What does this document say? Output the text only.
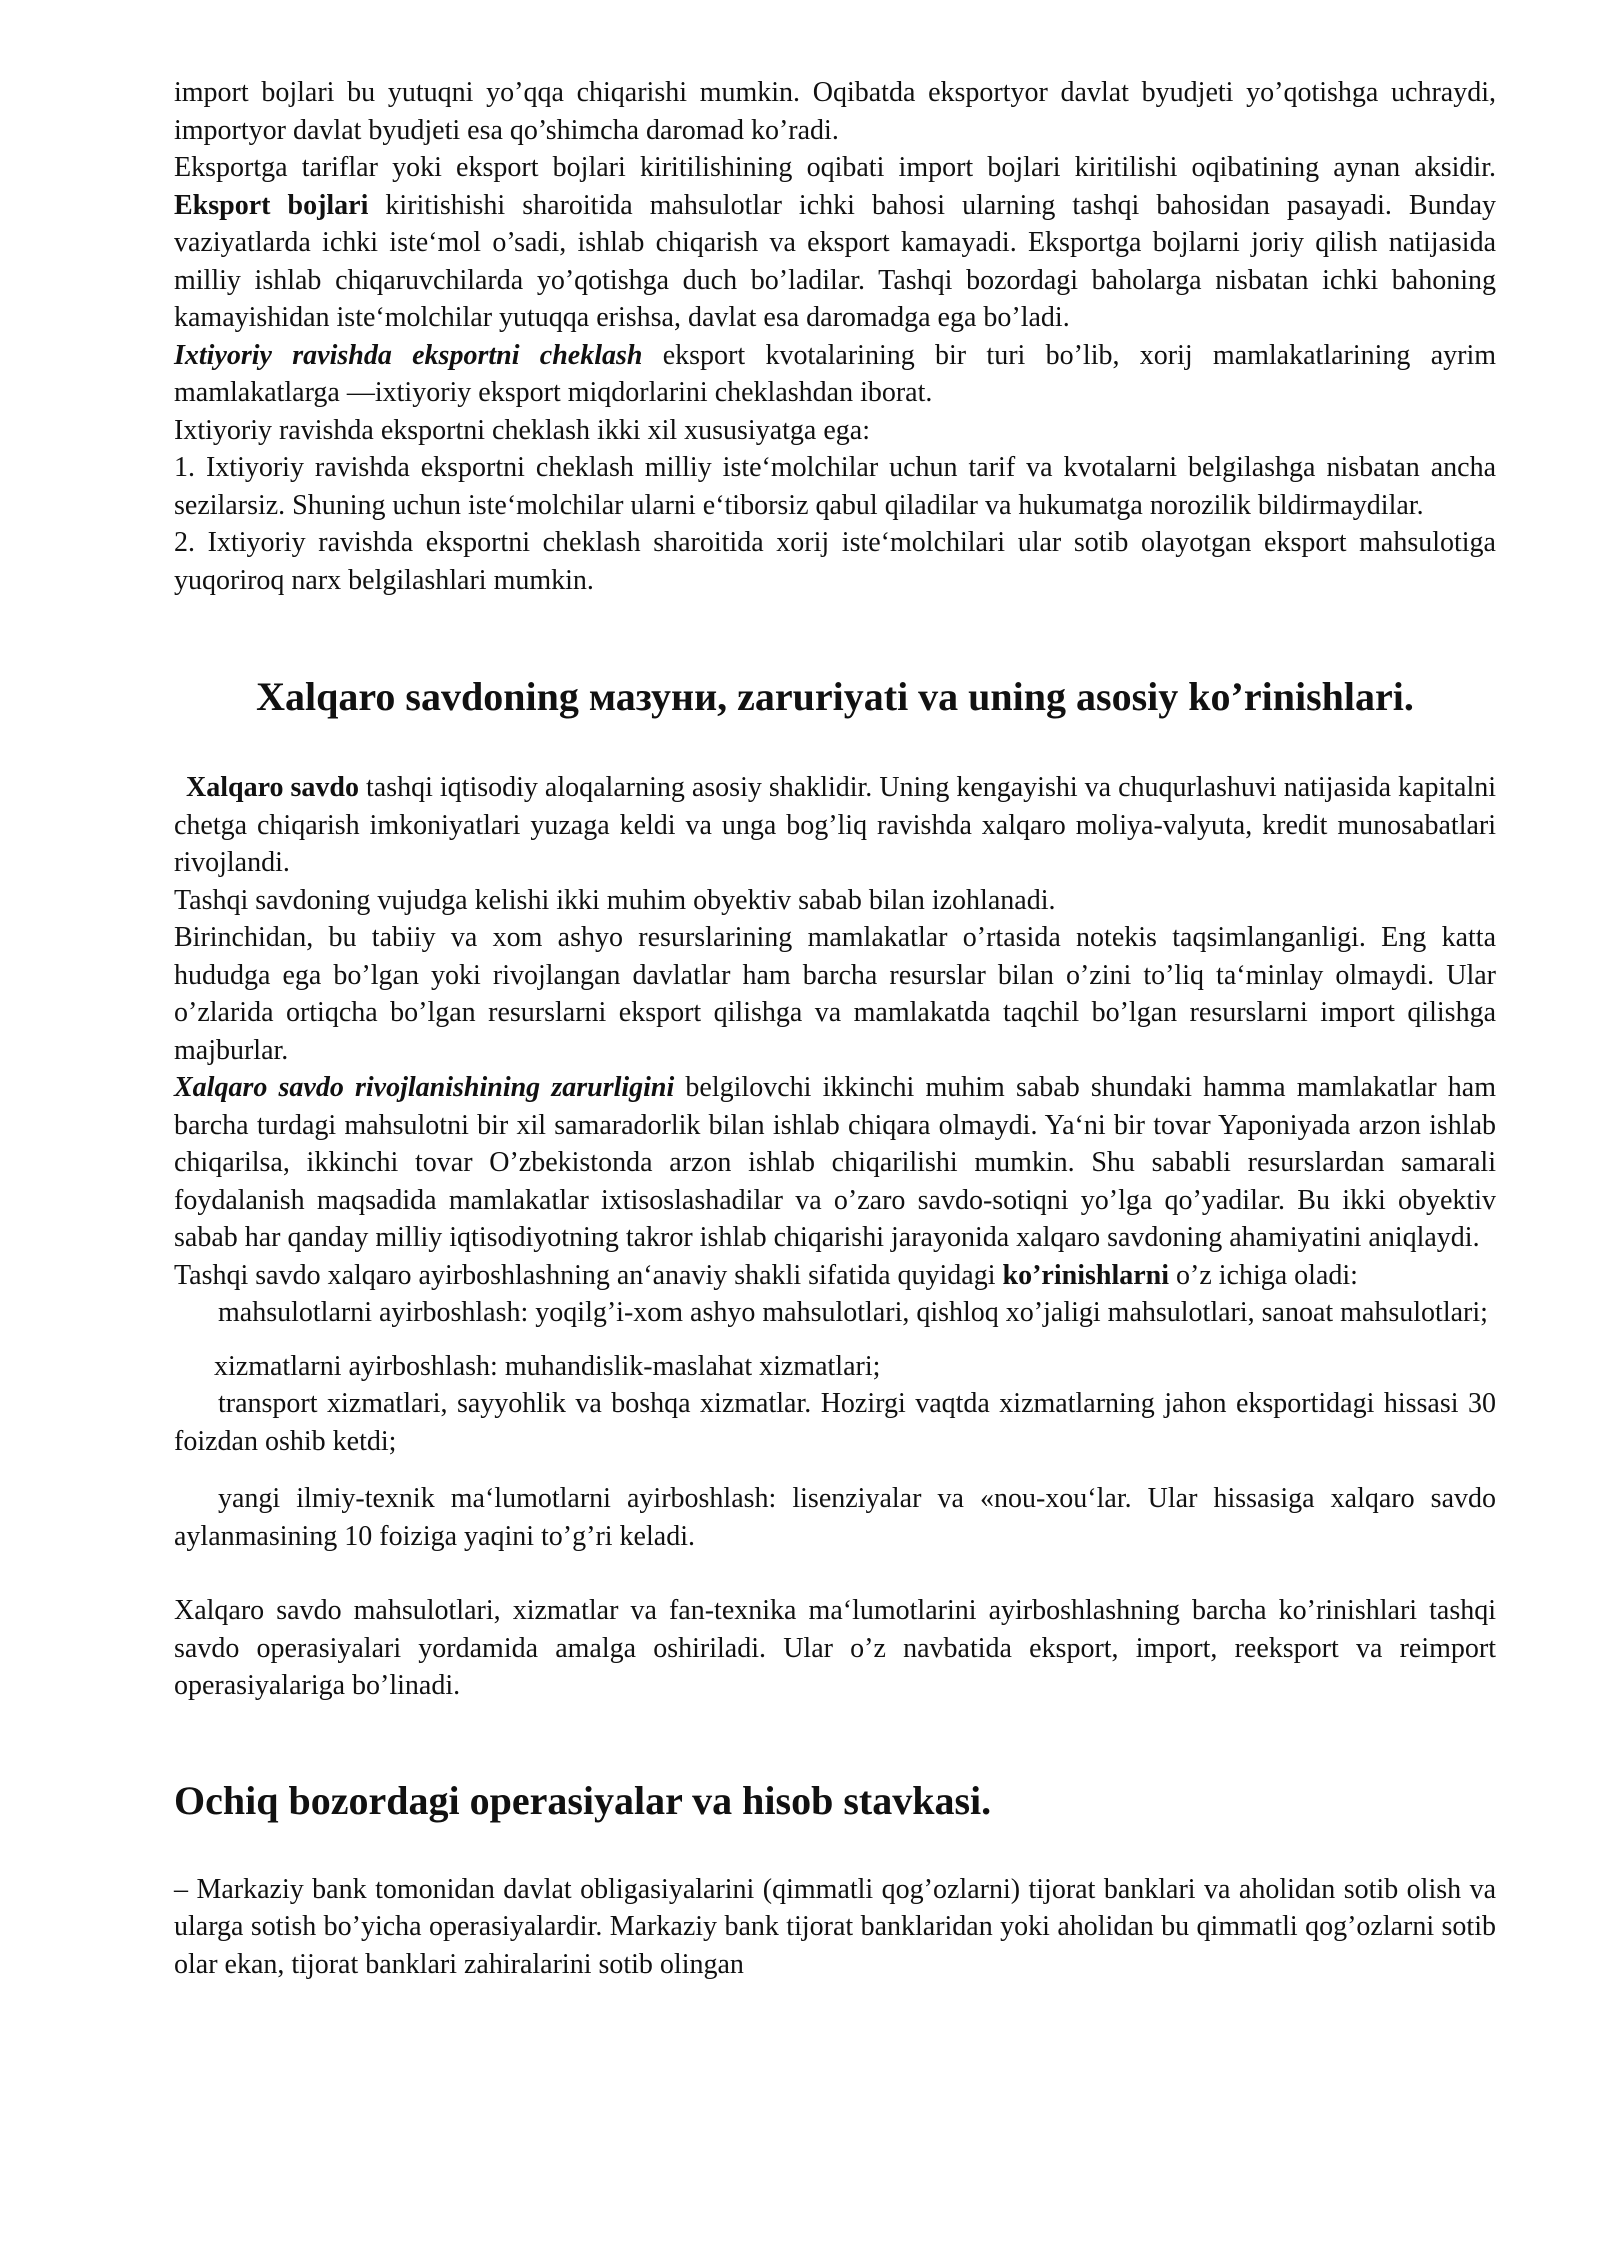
import bojlari bu yutuqni yo’qqa chiqarishi mumkin. Oqibatda eksportyor davlat byudjeti yo’qotishga uchraydi, importyor davlat byudjeti esa qo’shimcha daromad ko’radi.

Eksportga tariflar yoki eksport bojlari kiritilishining oqibati import bojlari kiritilishi oqibatining aynan aksidir. Eksport bojlari kiritishishi sharoitida mahsulotlar ichki bahosi ularning tashqi bahosidan pasayadi. Bunday vaziyatlarda ichki iste‘mol o’sadi, ishlab chiqarish va eksport kamayadi. Eksportga bojlarni joriy qilish natijasida milliy ishlab chiqaruvchilarda yo’qotishga duch bo’ladilar. Tashqi bozordagi baholarga nisbatan ichki bahoning kamayishidan iste‘molchilar yutuqqa erishsa, davlat esa daromadga ega bo’ladi.

Ixtiyoriy ravishda eksportni cheklash eksport kvotalarining bir turi bo’lib, xorij mamlakatlarining ayrim mamlakatlarga —ixtiyoriy eksport miqdorlarini cheklashdan iborat.

Ixtiyoriy ravishda eksportni cheklash ikki xil xususiyatga ega:

1. Ixtiyoriy ravishda eksportni cheklash milliy iste‘molchilar uchun tarif va kvotalarni belgilashga nisbatan ancha sezilarsiz. Shuning uchun iste‘molchilar ularni e‘tiborsiz qabul qiladilar va hukumatga norozilik bildirmaydilar.

2. Ixtiyoriy ravishda eksportni cheklash sharoitida xorij iste‘molchilari ular sotib olayotgan eksport mahsulotiga yuqoriroq narx belgilashlari mumkin.

Xalqaro savdoning мазуни, zaruriyati va uning asosiy ko’rinishlari.

Xalqaro savdo tashqi iqtisodiy aloqalarning asosiy shaklidir. Uning kengayishi va chuqurlashuvi natijasida kapitalni chetga chiqarish imkoniyatlari yuzaga keldi va unga bog’liq ravishda xalqaro moliya-valyuta, kredit munosabatlari rivojlandi.

Tashqi savdoning vujudga kelishi ikki muhim obyektiv sabab bilan izohlanadi.

Birinchidan, bu tabiiy va xom ashyo resurslarining mamlakatlar o’rtasida notekis taqsimlanganligi. Eng katta hududga ega bo’lgan yoki rivojlangan davlatlar ham barcha resurslar bilan o’zini to’liq ta‘minlay olmaydi. Ular o’zlarida ortiqcha bo’lgan resurslarni eksport qilishga va mamlakatda taqchil bo’lgan resurslarni import qilishga majburlar.

Xalqaro savdo rivojlanishining zarurligini belgilovchi ikkinchi muhim sabab shundaki hamma mamlakatlar ham barcha turdagi mahsulotni bir xil samaradorlik bilan ishlab chiqara olmaydi. Ya‘ni bir tovar Yaponiyada arzon ishlab chiqarilsa, ikkinchi tovar O’zbekistonda arzon ishlab chiqarilishi mumkin. Shu sababli resurslardan samarali foydalanish maqsadida mamlakatlar ixtisoslashadilar va o’zaro savdo-sotiqni yo’lga qo’yadilar. Bu ikki obyektiv sabab har qanday milliy iqtisodiyotning takror ishlab chiqarishi jarayonida xalqaro savdoning ahamiyatini aniqlaydi.

Tashqi savdo xalqaro ayirboshlashning an‘anaviy shakli sifatida quyidagi ko’rinishlarni o’z ichiga oladi:

mahsulotlarni ayirboshlash: yoqilg’i-xom ashyo mahsulotlari, qishloq xo’jaligi mahsulotlari, sanoat mahsulotlari;

xizmatlarni ayirboshlash: muhandislik-maslahat xizmatlari;

transport xizmatlari, sayyohlik va boshqa xizmatlar. Hozirgi vaqtda xizmatlarning jahon eksportidagi hissasi 30 foizdan oshib ketdi;

yangi ilmiy-texnik ma‘lumotlarni ayirboshlash: lisenziyalar va «nou-xou‘lar. Ular hissasiga xalqaro savdo aylanmasining 10 foiziga yaqini to’g’ri keladi.

Xalqaro savdo mahsulotlari, xizmatlar va fan-texnika ma‘lumotlarini ayirboshlashning barcha ko’rinishlari tashqi savdo operasiyalari yordamida amalga oshiriladi. Ular o’z navbatida eksport, import, reeksport va reimport operasiyalariga bo’linadi.

Ochiq bozordagi operasiyalar va hisob stavkasi.

– Markaziy bank tomonidan davlat obligasiyalarini (qimmatli qog’ozlarni) tijorat banklari va aholidan sotib olish va ularga sotish bo’yicha operasiyalardir. Markaziy bank tijorat banklaridan yoki aholidan bu qimmatli qog’ozlarni sotib olar ekan, tijorat banklari zahiralarini sotib olingan
